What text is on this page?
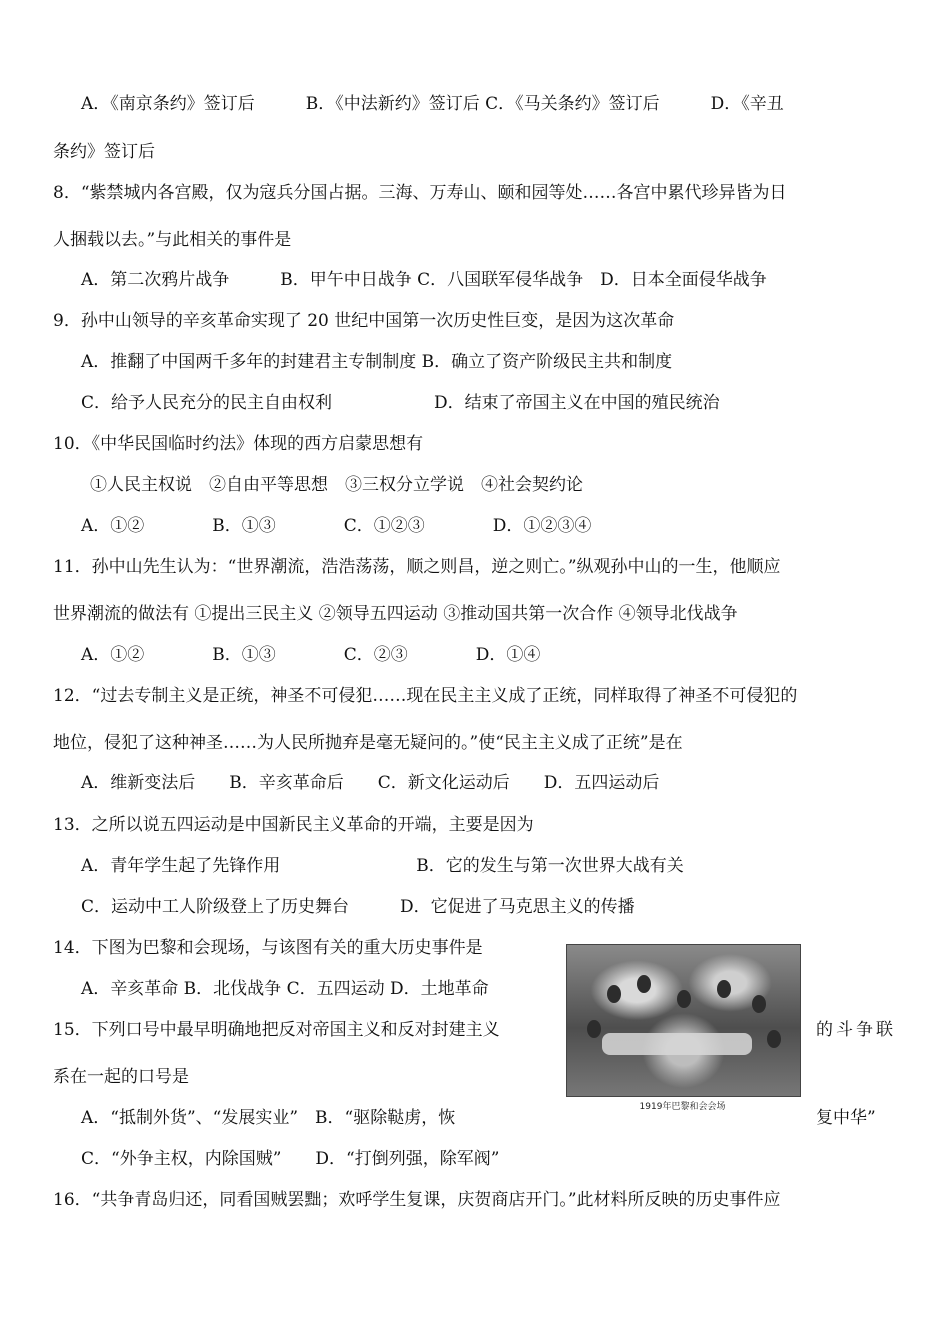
A．《南京条约》签订后　　　B．《中法新约》签订后 C．《马关条约》签订后　　　D．《辛丑
条约》签订后
8．“紫禁城内各宫殿，仅为寇兵分国占据。三海、万寿山、颐和园等处……各宫中累代珍异皆为日
人捆载以去。”与此相关的事件是
A．第二次鸦片战争　　　B．甲午中日战争 C．八国联军侵华战争　D．日本全面侵华战争
9．孙中山领导的辛亥革命实现了 20 世纪中国第一次历史性巨变，是因为这次革命
A．推翻了中国两千多年的封建君主专制制度 B．确立了资产阶级民主共和制度
C．给予人民充分的民主自由权利　　　　　　D．结束了帝国主义在中国的殖民统治
10．《中华民国临时约法》体现的西方启蒙思想有
①人民主权说　②自由平等思想　③三权分立学说　④社会契约论
A．①②　　　　B．①③　　　　C．①②③　　　　D．①②③④
11．孙中山先生认为：“世界潮流，浩浩荡荡，顺之则昌，逆之则亡。”纵观孙中山的一生，他顺应
世界潮流的做法有 ①提出三民主义 ②领导五四运动 ③推动国共第一次合作 ④领导北伐战争
A．①②　　　　B．①③　　　　C．②③　　　　D．①④
12．“过去专制主义是正统，神圣不可侵犯……现在民主主义成了正统，同样取得了神圣不可侵犯的
地位，侵犯了这种神圣……为人民所抛弃是毫无疑问的。”使“民主主义成了正统”是在
A．维新变法后　　B．辛亥革命后　　C．新文化运动后　　D．五四运动后
13．之所以说五四运动是中国新民主义革命的开端，主要是因为
A．青年学生起了先锋作用　　　　　　　　B．它的发生与第一次世界大战有关
C．运动中工人阶级登上了历史舞台　　　D．它促进了马克思主义的传播
14．下图为巴黎和会现场，与该图有关的重大历史事件是
A．辛亥革命 B．北伐战争 C．五四运动 D．土地革命
15．下列口号中最早明确地把反对帝国主义和反对封建主义	的斗争联
系在一起的口号是
A．“抵制外货”、“发展实业”　B．“驱除鞑虏，恢	复中华”
C．“外争主权，内除国贼”　　D．“打倒列强，除军阀”
16．“共争青岛归还，同看国贼罢黜；欢呼学生复课，庆贺商店开门。”此材料所反映的历史事件应
1919年巴黎和会会场
